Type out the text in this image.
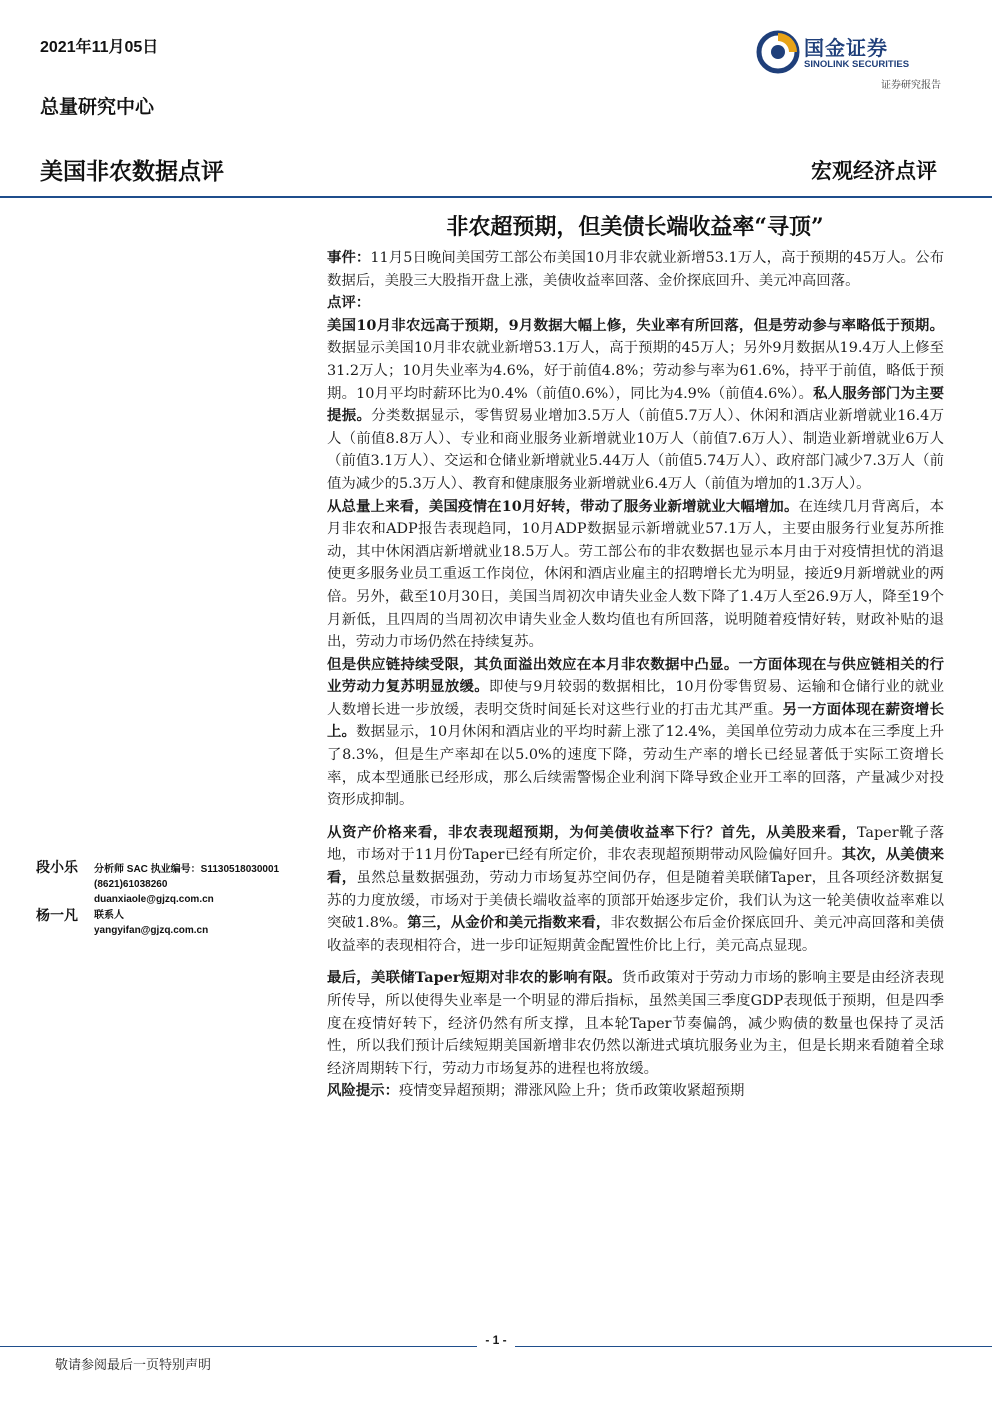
2021年11月05日
总量研究中心
美国非农数据点评	宏观经济点评
国金证券
SINOLINK SECURITIES
证券研究报告
非农超预期，但美债长端收益率“寻顶”

事件：11月5日晚间美国劳工部公布美国10月非农就业新增53.1万人，高于预期的45万人。公布数据后，美股三大股指开盘上涨，美债收益率回落、金价探底回升、美元冲高回落。

点评：

美国10月非农远高于预期，9月数据大幅上修，失业率有所回落，但是劳动参与率略低于预期。数据显示美国10月非农就业新增53.1万人，高于预期的45万人；另外9月数据从19.4万人上修至31.2万人；10月失业率为4.6%，好于前值4.8%；劳动参与率为61.6%，持平于前值，略低于预期。10月平均时薪环比为0.4%（前值0.6%），同比为4.9%（前值4.6%）。私人服务部门为主要提振。分类数据显示，零售贸易业增加3.5万人（前值5.7万人）、休闲和酒店业新增就业16.4万人（前值8.8万人）、专业和商业服务业新增就业10万人（前值7.6万人）、制造业新增就业6万人（前值3.1万人）、交运和仓储业新增就业5.44万人（前值5.74万人）、政府部门减少7.3万人（前值为减少的5.3万人）、教育和健康服务业新增就业6.4万人（前值为增加的1.3万人）。

从总量上来看，美国疫情在10月好转，带动了服务业新增就业大幅增加。在连续几月背离后，本月非农和ADP报告表现趋同，10月ADP数据显示新增就业57.1万人，主要由服务行业复苏所推动，其中休闲酒店新增就业18.5万人。劳工部公布的非农数据也显示本月由于对疫情担忧的消退使更多服务业员工重返工作岗位，休闲和酒店业雇主的招聘增长尤为明显，接近9月新增就业的两倍。另外，截至10月30日，美国当周初次申请失业金人数下降了1.4万人至26.9万人，降至19个月新低，且四周的当周初次申请失业金人数均值也有所回落，说明随着疫情好转，财政补贴的退出，劳动力市场仍然在持续复苏。

但是供应链持续受限，其负面溢出效应在本月非农数据中凸显。一方面体现在与供应链相关的行业劳动力复苏明显放缓。即使与9月较弱的数据相比，10月份零售贸易、运输和仓储行业的就业人数增长进一步放缓，表明交货时间延长对这些行业的打击尤其严重。另一方面体现在薪资增长上。数据显示，10月休闲和酒店业的平均时薪上涨了12.4%，美国单位劳动力成本在三季度上升了8.3%，但是生产率却在以5.0%的速度下降，劳动生产率的增长已经显著低于实际工资增长率，成本型通胀已经形成，那么后续需警惕企业利润下降导致企业开工率的回落，产量减少对投资形成抑制。

从资产价格来看，非农表现超预期，为何美债收益率下行？首先，从美股来看，Taper靴子落地，市场对于11月份Taper已经有所定价，非农表现超预期带动风险偏好回升。其次，从美债来看，虽然总量数据强劲，劳动力市场复苏空间仍存，但是随着美联储Taper，且各项经济数据复苏的力度放缓，市场对于美债长端收益率的顶部开始逐步定价，我们认为这一轮美债收益率难以突破1.8%。第三，从金价和美元指数来看，非农数据公布后金价探底回升、美元冲高回落和美债收益率的表现相符合，进一步印证短期黄金配置性价比上行，美元高点显现。

最后，美联储Taper短期对非农的影响有限。货币政策对于劳动力市场的影响主要是由经济表现所传导，所以使得失业率是一个明显的滞后指标，虽然美国三季度GDP表现低于预期，但是四季度在疫情好转下，经济仍然有所支撑，且本轮Taper节奏偏鸽，减少购债的数量也保持了灵活性，所以我们预计后续短期美国新增非农仍然以渐进式填坑服务业为主，但是长期来看随着全球经济周期转下行，劳动力市场复苏的进程也将放缓。

风险提示：疫情变异超预期；滞涨风险上升；货币政策收紧超预期

段小乐 分析师 SAC 执业编号：S1130518030001
(8621)61038260
duanxiaole@gjzq.com.cn
杨一凡 联系人
yangyifan@gjzq.com.cn
- 1 -
敬请参阅最后一页特别声明
